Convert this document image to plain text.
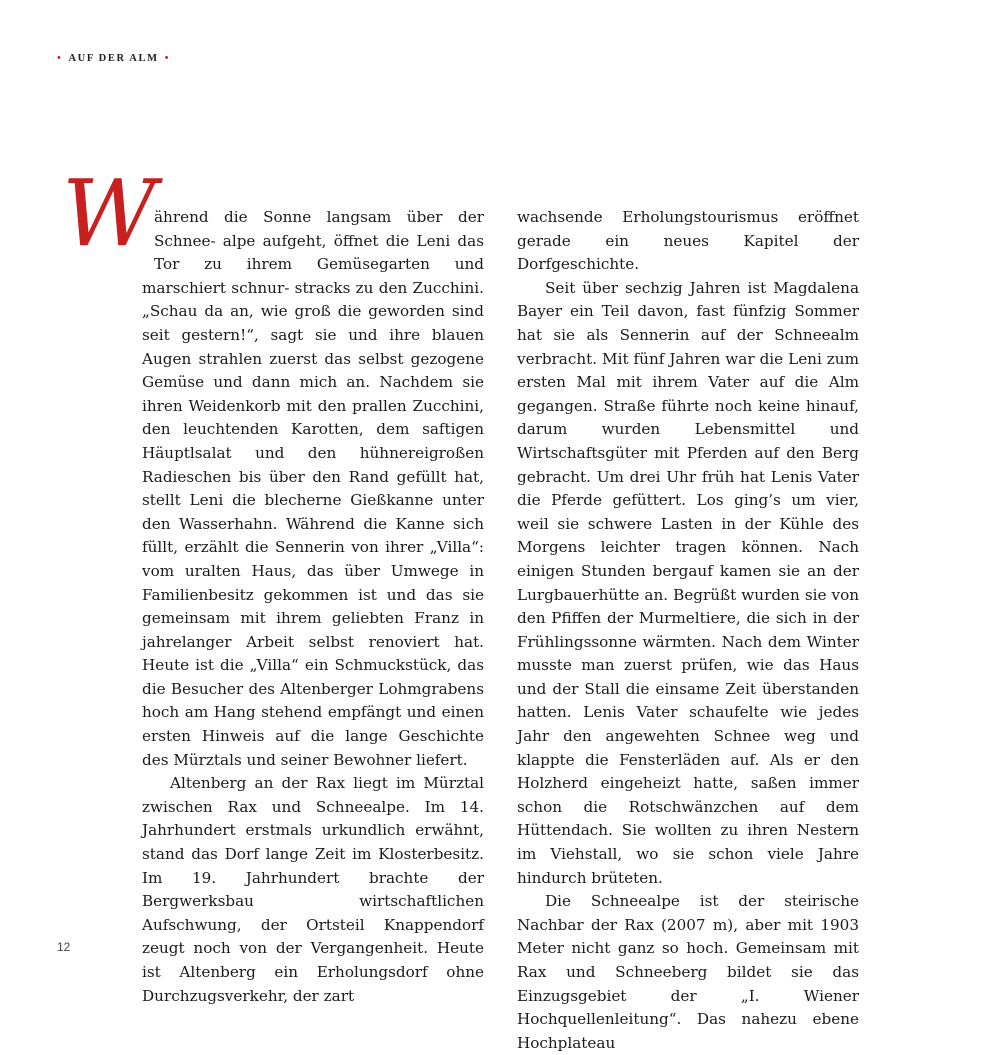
• AUF DER ALM •
W

ährend die Sonne langsam über der Schnee- alpe aufgeht, öffnet die Leni das Tor zu ihrem Gemüsegarten und marschiert schnur- stracks zu den Zucchini. „Schau da an, wie groß die geworden sind seit gestern!“, sagt sie und ihre blauen Augen strahlen zuerst das selbst gezogene Gemüse und dann mich an. Nachdem sie ihren Weidenkorb mit den prallen Zucchini, den leuchtenden Karotten, dem saftigen Häuptlsalat und den hühnereigroßen Radieschen bis über den Rand gefüllt hat, stellt Leni die blecherne Gießkanne unter den Wasserhahn. Während die Kanne sich füllt, erzählt die Sennerin von ihrer „Villa“: vom uralten Haus, das über Umwege in Familienbesitz gekommen ist und das sie gemeinsam mit ihrem geliebten Franz in jahrelanger Arbeit selbst renoviert hat. Heute ist die „Villa“ ein Schmuckstück, das die Besucher des Altenberger Lohmgrabens hoch am Hang stehend empfängt und einen ersten Hinweis auf die lange Geschichte des Mürztals und seiner Bewohner liefert.

Altenberg an der Rax liegt im Mürztal zwischen Rax und Schneealpe. Im 14. Jahrhundert erstmals urkundlich erwähnt, stand das Dorf lange Zeit im Klosterbesitz. Im 19. Jahrhundert brachte der Bergwerksbau wirtschaftlichen Aufschwung, der Ortsteil Knappendorf zeugt noch von der Vergangenheit. Heute ist Altenberg ein Erholungsdorf ohne Durchzugsverkehr, der zart

wachsende Erholungstourismus eröffnet gerade ein neues Kapitel der Dorfgeschichte.

Seit über sechzig Jahren ist Magdalena Bayer ein Teil davon, fast fünfzig Sommer hat sie als Sennerin auf der Schneealm verbracht. Mit fünf Jahren war die Leni zum ersten Mal mit ihrem Vater auf die Alm gegangen. Straße führte noch keine hinauf, darum wurden Lebensmittel und Wirtschaftsgüter mit Pferden auf den Berg gebracht. Um drei Uhr früh hat Lenis Vater die Pferde gefüttert. Los ging’s um vier, weil sie schwere Lasten in der Kühle des Morgens leichter tragen können. Nach einigen Stunden bergauf kamen sie an der Lurgbauerhütte an. Begrüßt wurden sie von den Pfiffen der Murmeltiere, die sich in der Frühlingssonne wärmten. Nach dem Winter musste man zuerst prüfen, wie das Haus und der Stall die einsame Zeit überstanden hatten. Lenis Vater schaufelte wie jedes Jahr den angewehten Schnee weg und klappte die Fensterläden auf. Als er den Holzherd eingeheizt hatte, saßen immer schon die Rotschwänzchen auf dem Hüttendach. Sie wollten zu ihren Nestern im Viehstall, wo sie schon viele Jahre hindurch brüteten.

Die Schneealpe ist der steirische Nachbar der Rax (2007 m), aber mit 1903 Meter nicht ganz so hoch. Gemeinsam mit Rax und Schneeberg bildet sie das Einzugsgebiet der „I. Wiener Hochquellenleitung“. Das nahezu ebene Hochplateau

12
